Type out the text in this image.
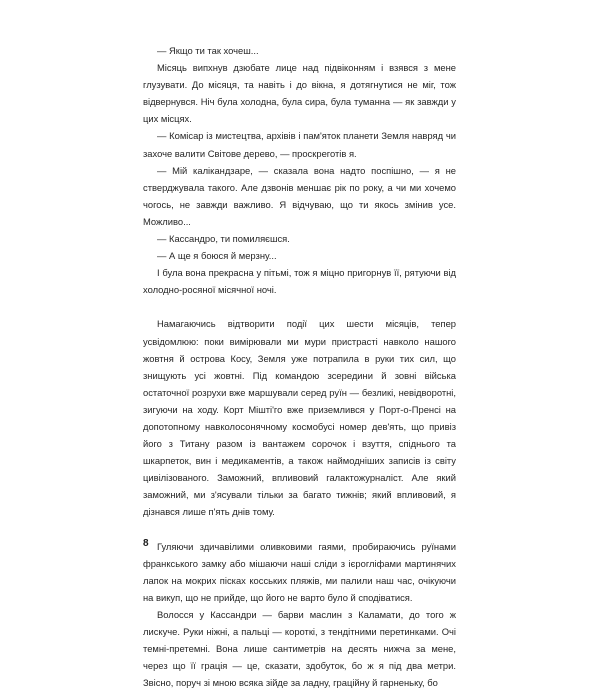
— Якщо ти так хочеш...

Місяць випхнув дзюбате лице над підвіконням і взявся з мене глузувати. До місяця, та навіть і до вікна, я дотягнутися не міг, тож відвернувся. Ніч була холодна, була сира, була туманна — як завжди у цих місцях.

— Комісар із мистецтва, архівів і пам'яток планети Земля навряд чи захоче валити Світове дерево, — проскреготів я.

— Мій калікандзаре, — сказала вона надто поспішно, — я не стверджувала такого. Але дзвонів меншає рік по року, а чи ми хочемо чогось, не завжди важливо. Я відчуваю, що ти якось змінив усе. Можливо...

— Кассандро, ти помиляєшся.

— А ще я боюся й мерзну...

І була вона прекрасна у пітьмі, тож я міцно пригорнув її, рятуючи від холодно-росяної місячної ночі.

Намагаючись відтворити події цих шести місяців, тепер усвідомлюю: поки вимірювали ми мури пристрасті навколо нашого жовтня й острова Косу, Земля уже потрапила в руки тих сил, що знищують усі жовтні. Під командою зсередини й зовні війська остаточної розрухи вже маршували серед руїн — безликі, невідворотні, зигуючи на ходу. Корт Мішті'го вже приземлився у Порт-о-Пренсі на допотопному навколосонячному космобусі номер дев'ять, що привіз його з Титану разом із вантажем сорочок і взуття, спіднього та шкарпеток, вин і медикаментів, а також наймодніших записів із світу цивілізованого. Заможний, впливовий галактожурналіст. Але який заможний, ми з'ясували тільки за багато тижнів; який впливовий, я дізнався лише п'ять днів тому.

Гуляючи здичавілими оливковими гаями, пробираючись руїнами франкського замку або мішаючи наші сліди з ієрогліфами мартинячих лапок на мокрих пісках косських пляжів, ми палили наш час, очікуючи на викуп, що не прийде, що його не варто було й сподіватися.

Волосся у Кассандри — барви маслин з Каламати, до того ж лискуче. Руки ніжні, а пальці — короткі, з тендітними перетинками. Очі темні-претемні. Вона лише сантиметрів на десять нижча за мене, через що її грація — це, сказати, здобуток, бо ж я під два метри. Звісно, поруч зі мною всяка зійде за ладну, граційну й гарненьку, бо

8
